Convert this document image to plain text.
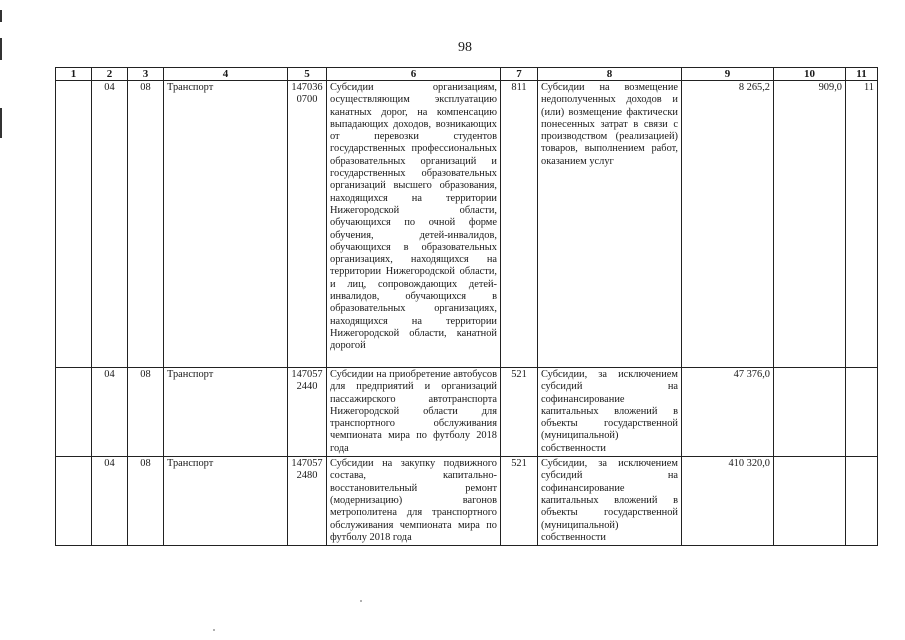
98
1	2	3	4	5	6	7	8	9	10	11
	04	08	Транспорт	147036 0700	Субсидии организациям, осуществляющим эксплуатацию канатных дорог, на компенсацию выпадающих доходов, возникающих от перевозки студентов государственных профессиональных образовательных организаций и государственных образовательных организаций высшего образования, находящихся на территории Нижегородской области, обучающихся по очной форме обучения, детей-инвалидов, обучающихся в образовательных организациях, находящихся на территории Нижегородской области, и лиц, сопровождающих детей-инвалидов, обучающихся в образовательных организациях, находящихся на территории Нижегородской области, канатной дорогой	811	Субсидии на возмещение недополученных доходов и (или) возмещение фактически понесенных затрат в связи с производством (реализацией) товаров, выполнением работ, оказанием услуг	8 265,2	909,0	11
	04	08	Транспорт	147057 2440	Субсидии на приобретение автобусов для предприятий и организаций пассажирского автотранспорта Нижегородской области для транспортного обслуживания чемпионата мира по футболу 2018 года	521	Субсидии, за исключением субсидий на софинансирование капитальных вложений в объекты государственной (муниципальной) собственности	47 376,0		
	04	08	Транспорт	147057 2480	Субсидии на закупку подвижного состава, капитально-восстановительный ремонт (модернизацию) вагонов метрополитена для транспортного обслуживания чемпионата мира по футболу 2018 года	521	Субсидии, за исключением субсидий на софинансирование капитальных вложений в объекты государственной (муниципальной) собственности	410 320,0		
